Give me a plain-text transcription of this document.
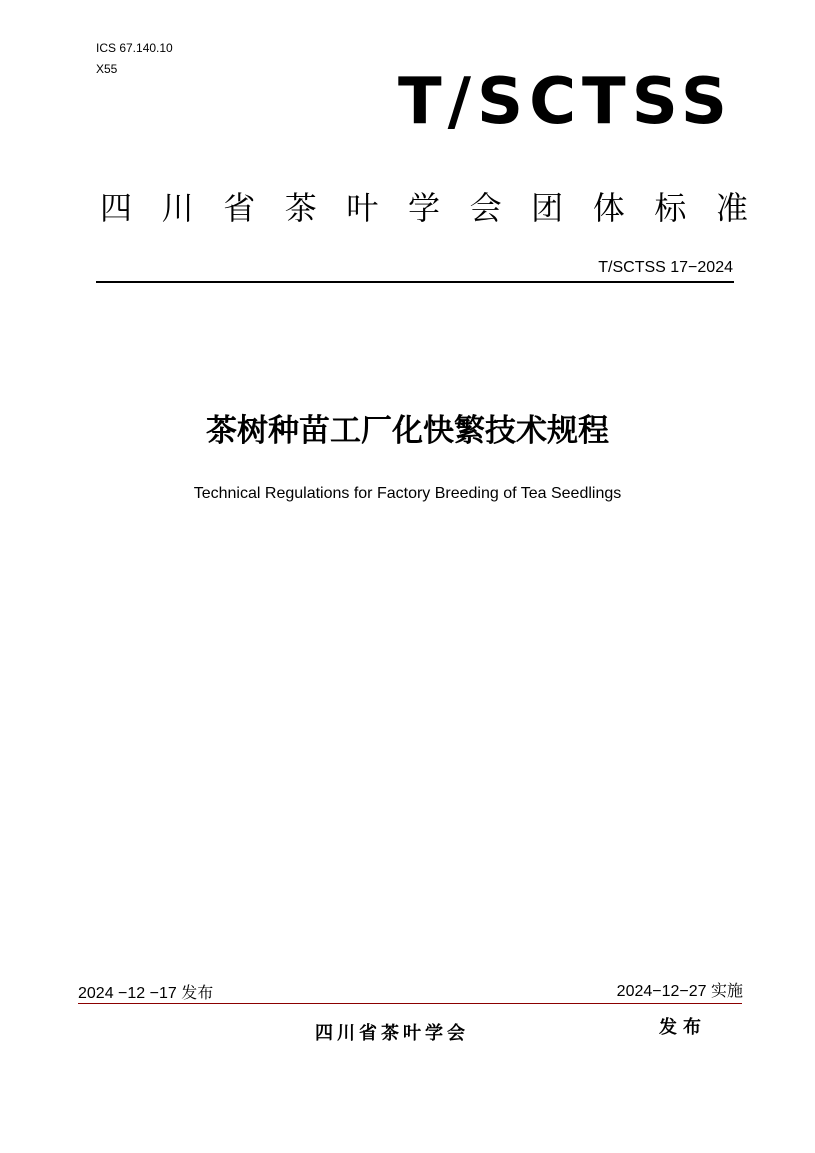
ICS 67.140.10
X55	T/SCTSS
四 川 省 茶 叶 学 会 团 体 标 准
T/SCTSS 17−2024
茶树种苗工厂化快繁技术规程
Technical Regulations for Factory Breeding of Tea Seedlings
2024 −12 −17 发布	2024−12−27 实施
四川省茶叶学会	发布
